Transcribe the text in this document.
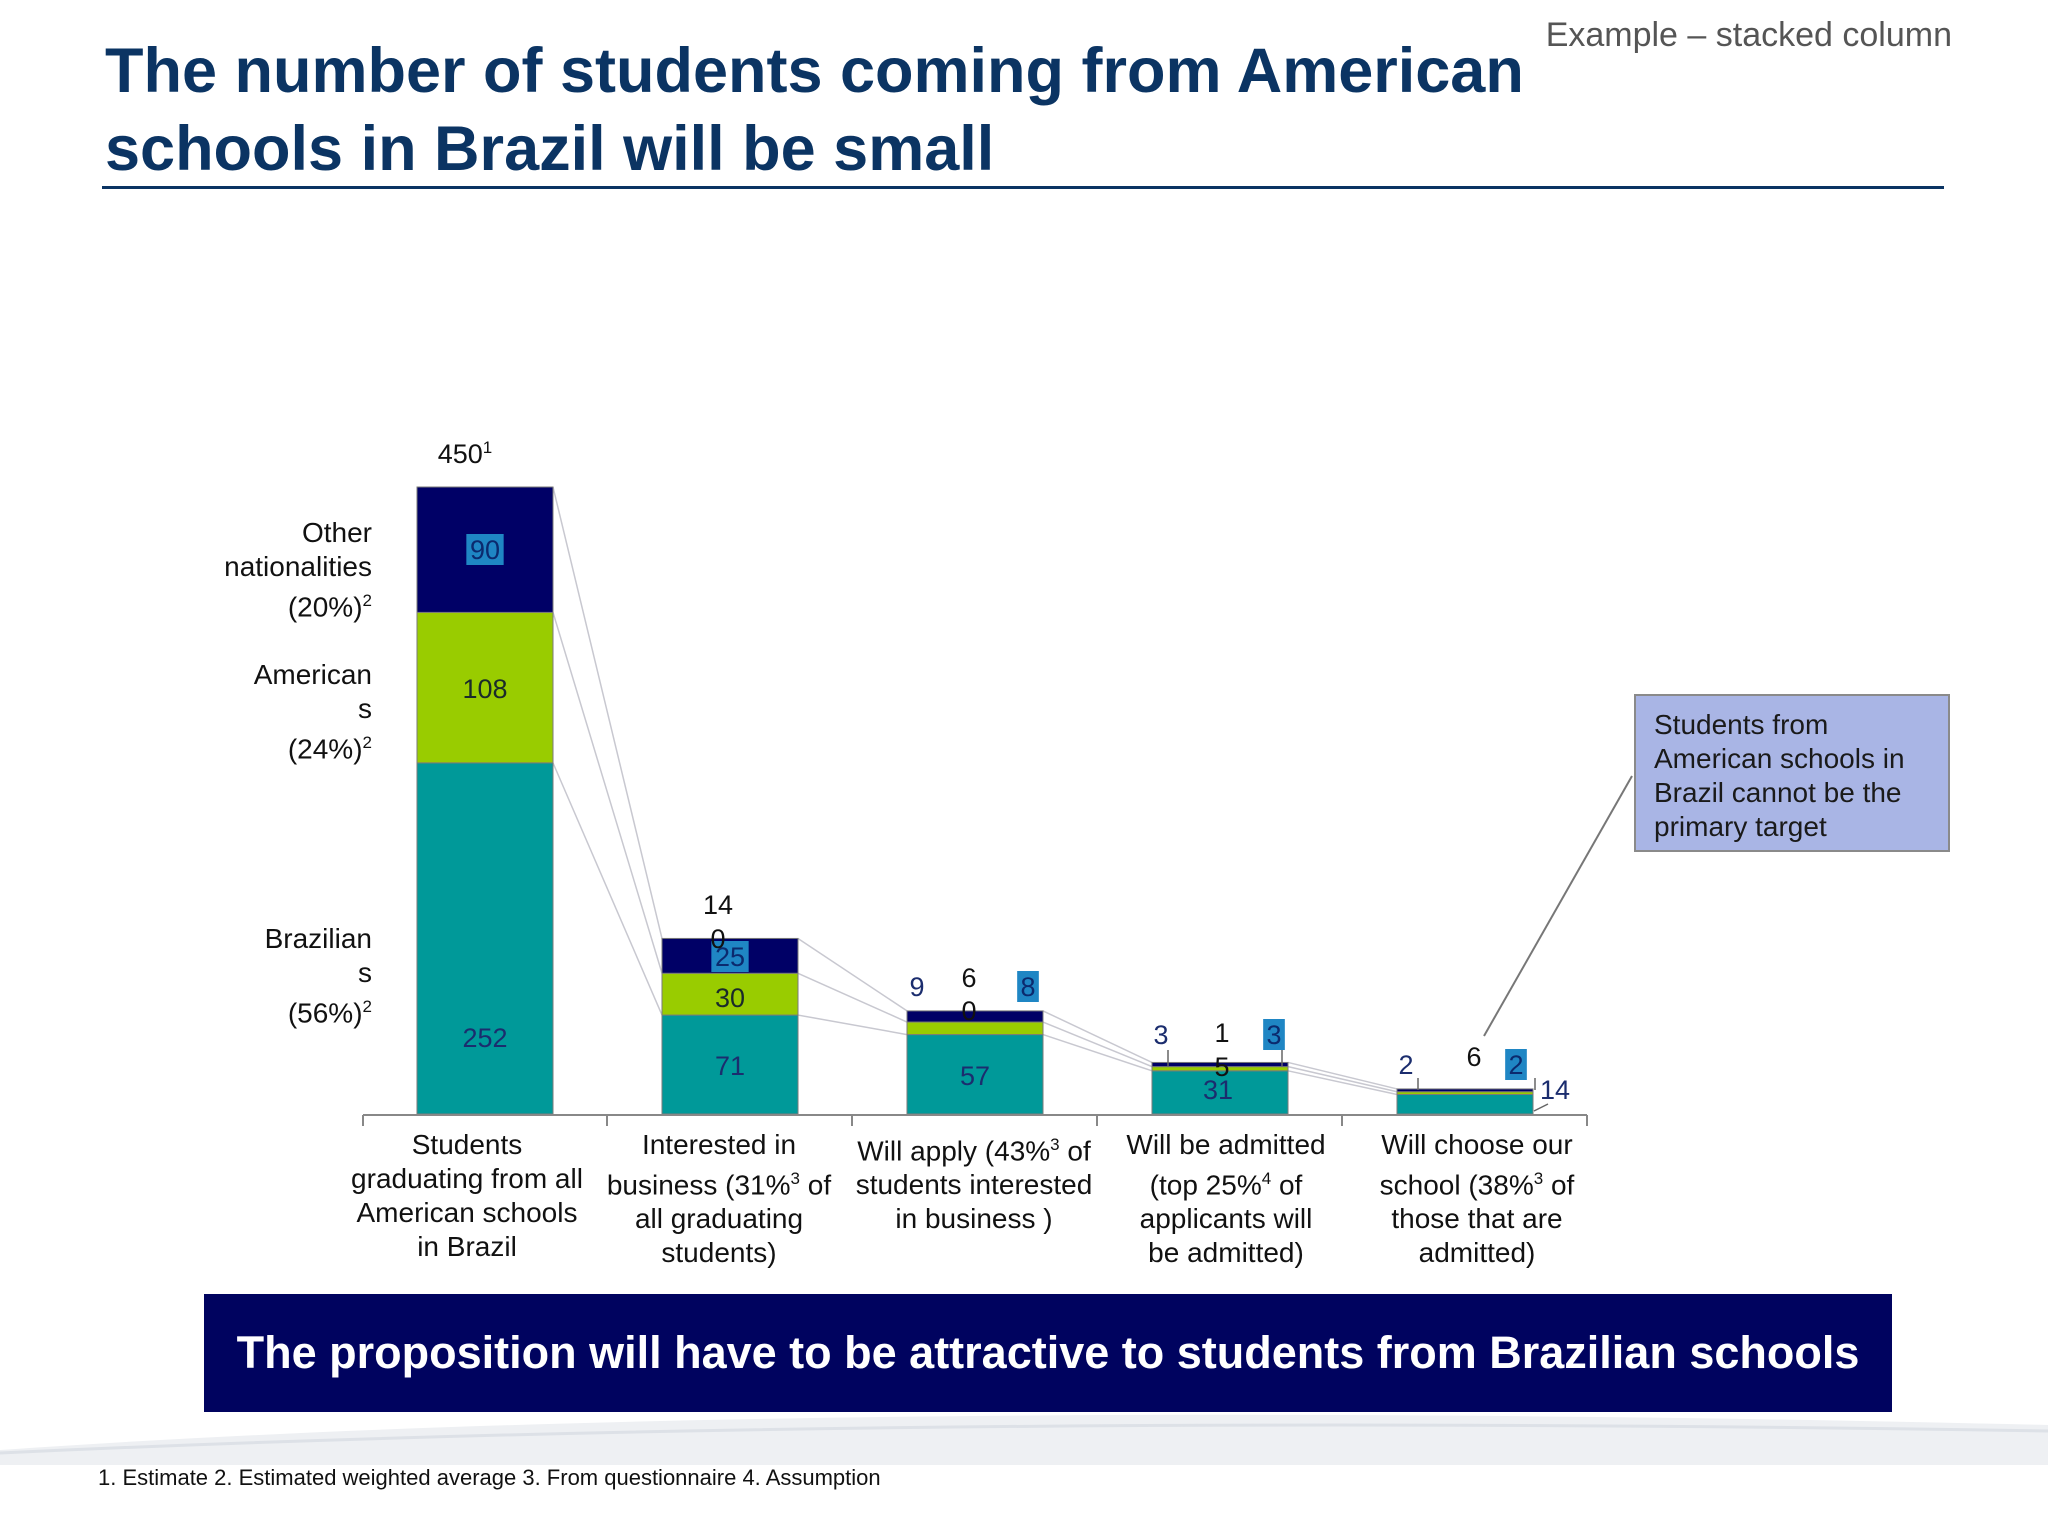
The number of students coming from American schools in Brazil will be small
Example – stacked column
252
108
90
71
30
25
57
9	8
31
3	3
14
2	2
$450^1$
14
0
6
0
1
5	6
Other
nationalities
$(20\%)^2$
American
s
$(24\%)^2$
Brazilian
s
$(56\%)^2$
Students
graduating from all
American schools
in Brazil
Interested in
business (31%$^3$ of
all graduating
students)
Will apply (43%$^3$ of
students interested
in business )
Will be admitted
(top 25%$^4$ of
applicants will
be admitted)
Will choose our
school (38%$^3$ of
those that are
admitted)
Students from American schools in Brazil cannot be the primary target
The proposition will have to be attractive to students from Brazilian schools
1. Estimate 2. Estimated weighted average 3. From questionnaire 4. Assumption
